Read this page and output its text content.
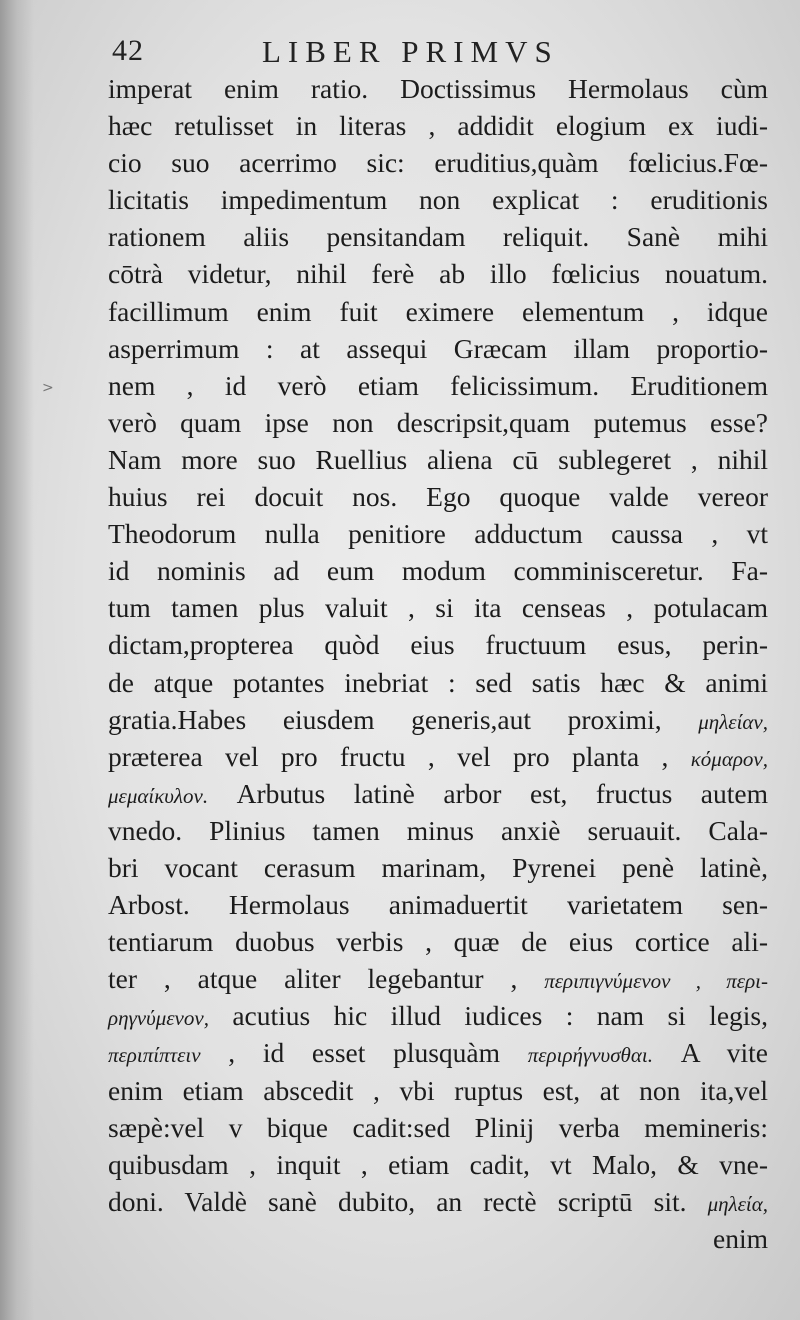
42	LIBER PRIMVS
>
imperat enim ratio. Doctissimus Hermolaus cùm
hæc retulisset in literas , addidit elogium ex iudi-
cio suo acerrimo sic: eruditius,quàm fœlicius.Fœ-
licitatis impedimentum non explicat : eruditionis
rationem aliis pensitandam reliquit. Sanè mihi
cōtrà videtur, nihil ferè ab illo fœlicius nouatum.
facillimum enim fuit eximere elementum , idque
asperrimum : at assequi Græcam illam proportio-
nem , id verò etiam felicissimum. Eruditionem
verò quam ipse non descripsit,quam putemus esse?
Nam more suo Ruellius aliena cū sublegeret , nihil
huius rei docuit nos. Ego quoque valde vereor
Theodorum nulla penitiore adductum caussa , vt
id nominis ad eum modum comminisceretur. Fa-
tum tamen plus valuit , si ita censeas , potulacam
dictam,propterea quòd eius fructuum esus, perin-
de atque potantes inebriat : sed satis hæc & animi
gratia.Habes eiusdem generis,aut proximi, μηλείαν,
præterea vel pro fructu , vel pro planta , κόμαρον,
μεμαίκυλον. Arbutus latinè arbor est, fructus autem
vnedo. Plinius tamen minus anxiè seruauit. Cala-
bri vocant cerasum marinam, Pyrenei penè latinè,
Arbost. Hermolaus animaduertit varietatem sen-
tentiarum duobus verbis , quæ de eius cortice ali-
ter , atque aliter legebantur , περιπιγνύμενον , περι-
ρηγνύμενον, acutius hic illud iudices : nam si legis,
περιπίπτειν , id esset plusquàm περιρήγνυσθαι. A vite
enim etiam abscedit , vbi ruptus est, at non ita,vel
sæpè:vel v bique cadit:sed Plinij verba memineris:
quibusdam , inquit , etiam cadit, vt Malo, & vne-
doni. Valdè sanè dubito, an rectè scriptū sit. μηλεία,
enim
